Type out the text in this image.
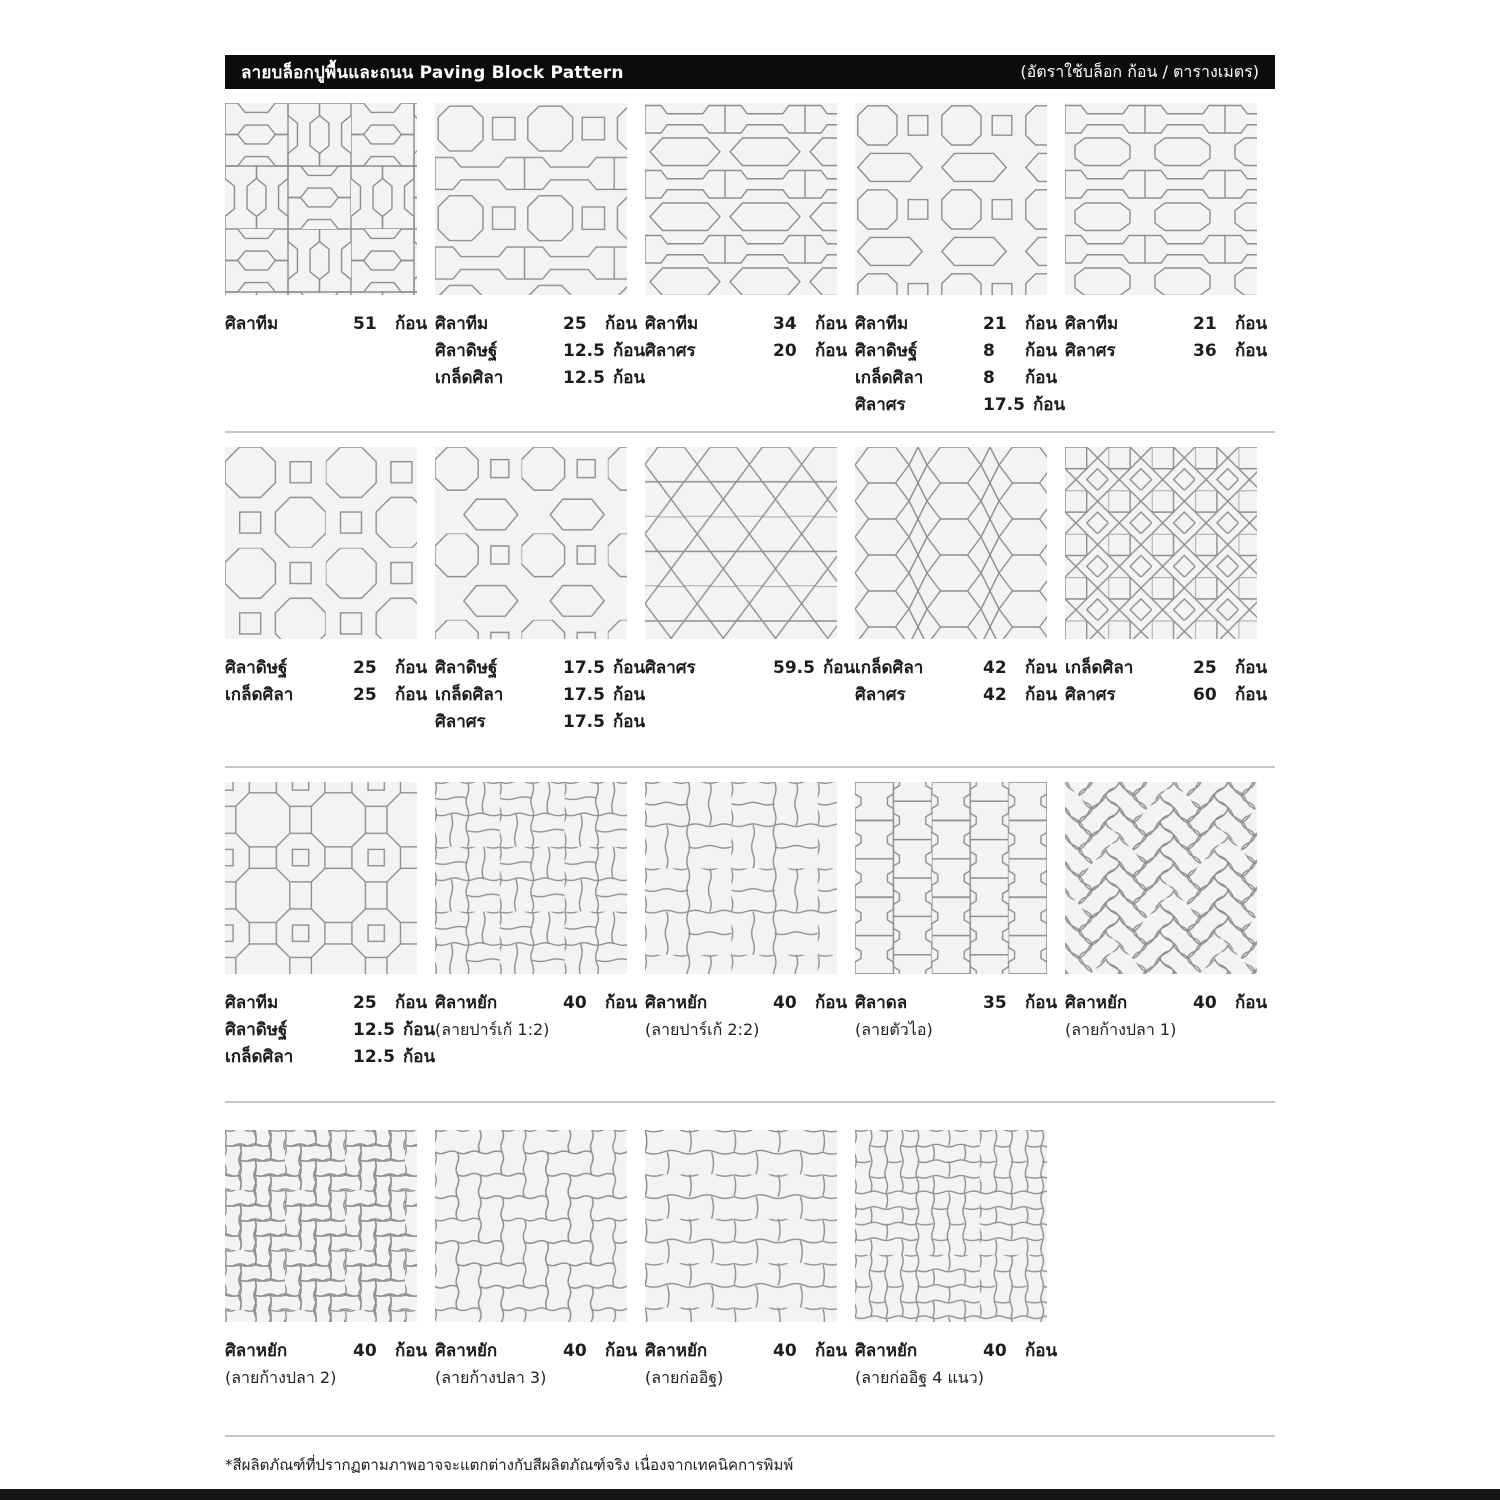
ลายบล็อกปูพื้นและถนน Paving Block Pattern	(อัตราใช้บล็อก ก้อน / ตารางเมตร)
ศิลาทีม	51	ก้อน ศิลาทีม	25	ก้อน
ศิลาดิษฐ์	12.5 ก้อน
เกล็ดศิลา	12.5 ก้อน
ศิลาทีม	34	ก้อน
ศิลาศร	20	ก้อน
ศิลาทีม	21	ก้อน
ศิลาดิษฐ์	8	ก้อน
เกล็ดศิลา	8	ก้อน
ศิลาศร	17.5 ก้อน
ศิลาทีม	21	ก้อน
ศิลาศร	36	ก้อน
ศิลาดิษฐ์	25	ก้อน
เกล็ดศิลา	25	ก้อน
ศิลาดิษฐ์	17.5 ก้อน
เกล็ดศิลา	17.5 ก้อน
ศิลาศร	17.5 ก้อน
ศิลาศร	59.5 ก้อน เกล็ดศิลา	42	ก้อน
ศิลาศร	42	ก้อน
เกล็ดศิลา	25	ก้อน
ศิลาศร	60	ก้อน
ศิลาทีม	25	ก้อน
ศิลาดิษฐ์	12.5 ก้อน
เกล็ดศิลา	12.5 ก้อน
ศิลาหยัก	40	ก้อน
(ลายปาร์เก้ 1:2)
ศิลาหยัก	40	ก้อน
(ลายปาร์เก้ 2:2)
ศิลาดล	35	ก้อน
(ลายตัวไอ)
ศิลาหยัก	40	ก้อน
(ลายก้างปลา 1)
ศิลาหยัก	40	ก้อน
(ลายก้างปลา 2)
ศิลาหยัก	40	ก้อน
(ลายก้างปลา 3)
ศิลาหยัก	40	ก้อน
(ลายก่ออิฐ)
ศิลาหยัก	40	ก้อน
(ลายก่ออิฐ 4 แนว)
*สีผลิตภัณฑ์ที่ปรากฏตามภาพอาจจะแตกต่างกับสีผลิตภัณฑ์จริง เนื่องจากเทคนิคการพิมพ์
